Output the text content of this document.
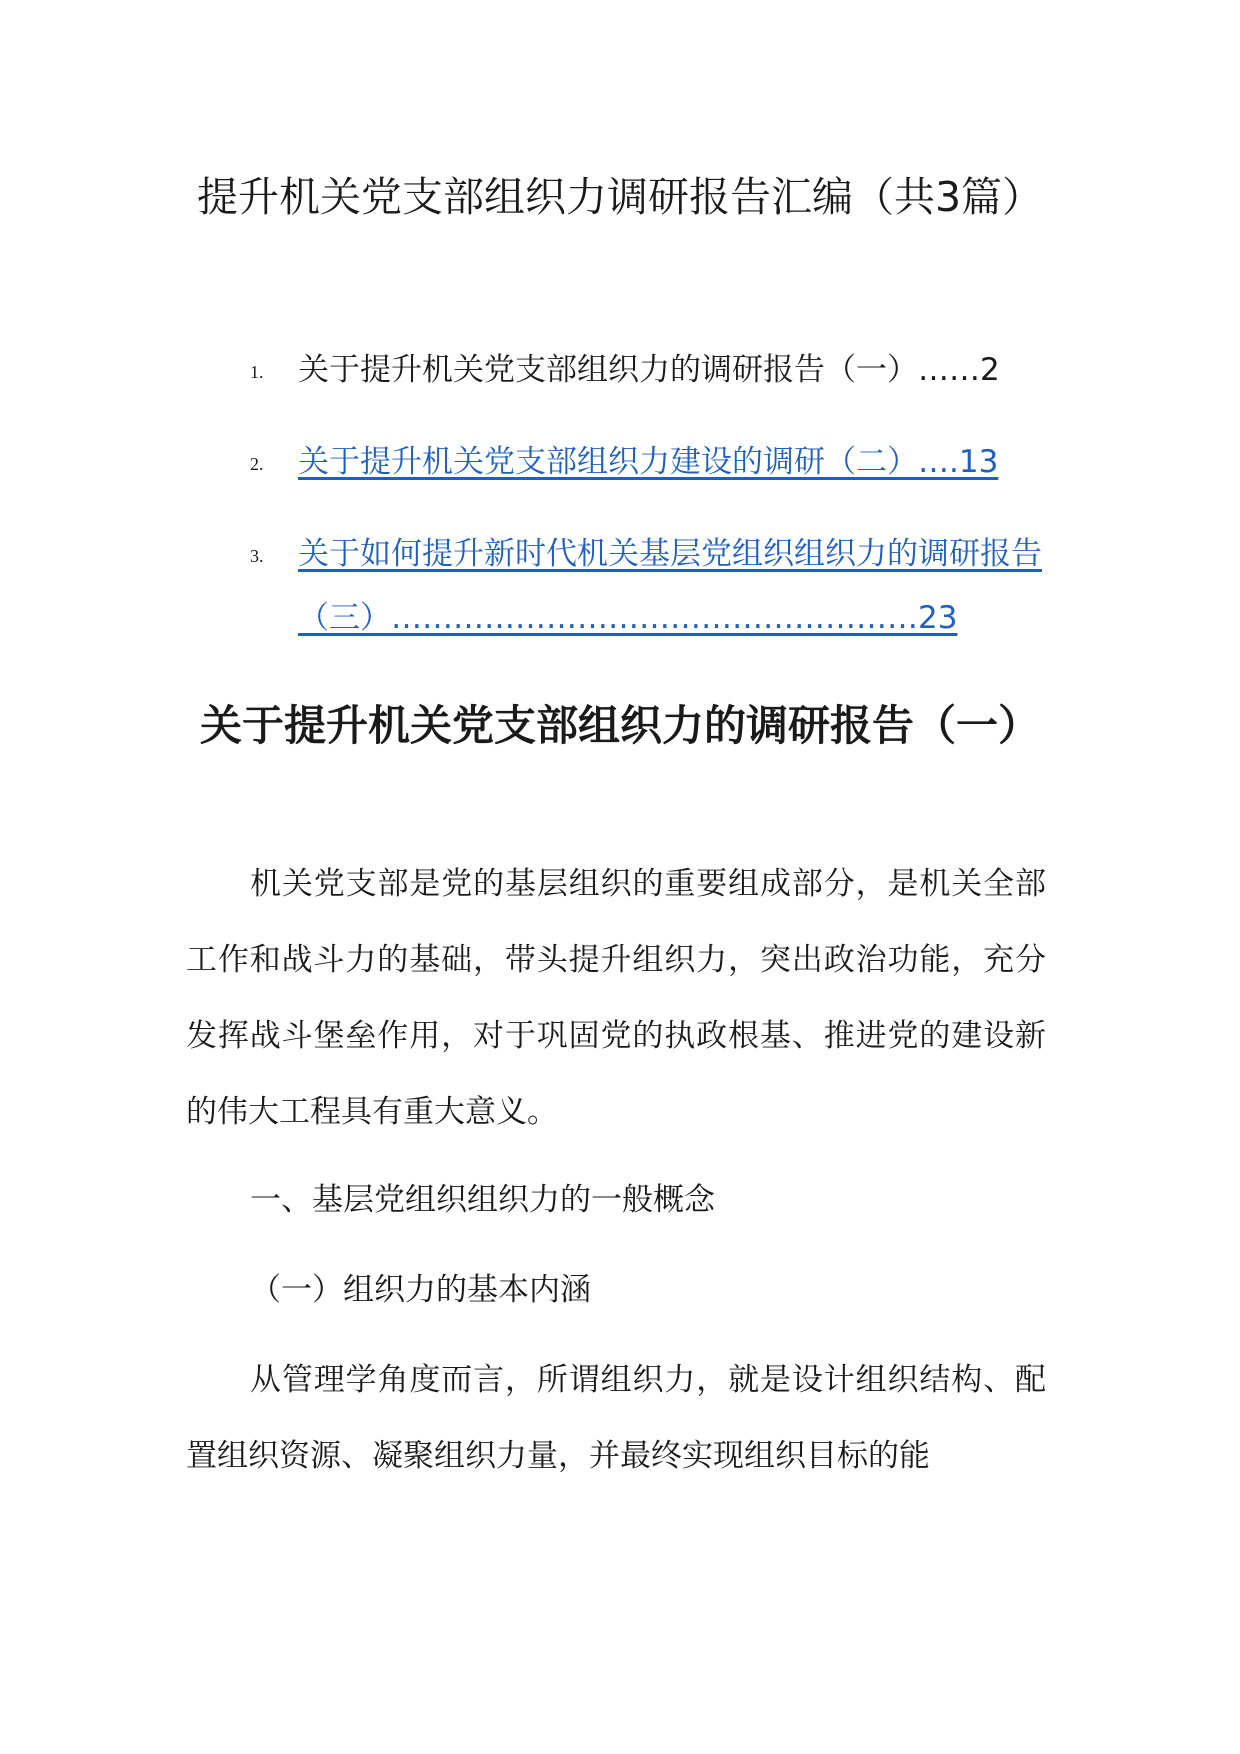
提升机关党支部组织力调研报告汇编（共3篇）
1. 关于提升机关党支部组织力的调研报告（一）……2
2. 关于提升机关党支部组织力建设的调研（二）….13
3. 关于如何提升新时代机关基层党组织组织力的调研报告（三）……………………………………………23
关于提升机关党支部组织力的调研报告（一）

机关党支部是党的基层组织的重要组成部分，是机关全部工作和战斗力的基础，带头提升组织力，突出政治功能，充分发挥战斗堡垒作用，对于巩固党的执政根基、推进党的建设新的伟大工程具有重大意义。

一、基层党组织组织力的一般概念

（一）组织力的基本内涵

从管理学角度而言，所谓组织力，就是设计组织结构、配置组织资源、凝聚组织力量，并最终实现组织目标的能
